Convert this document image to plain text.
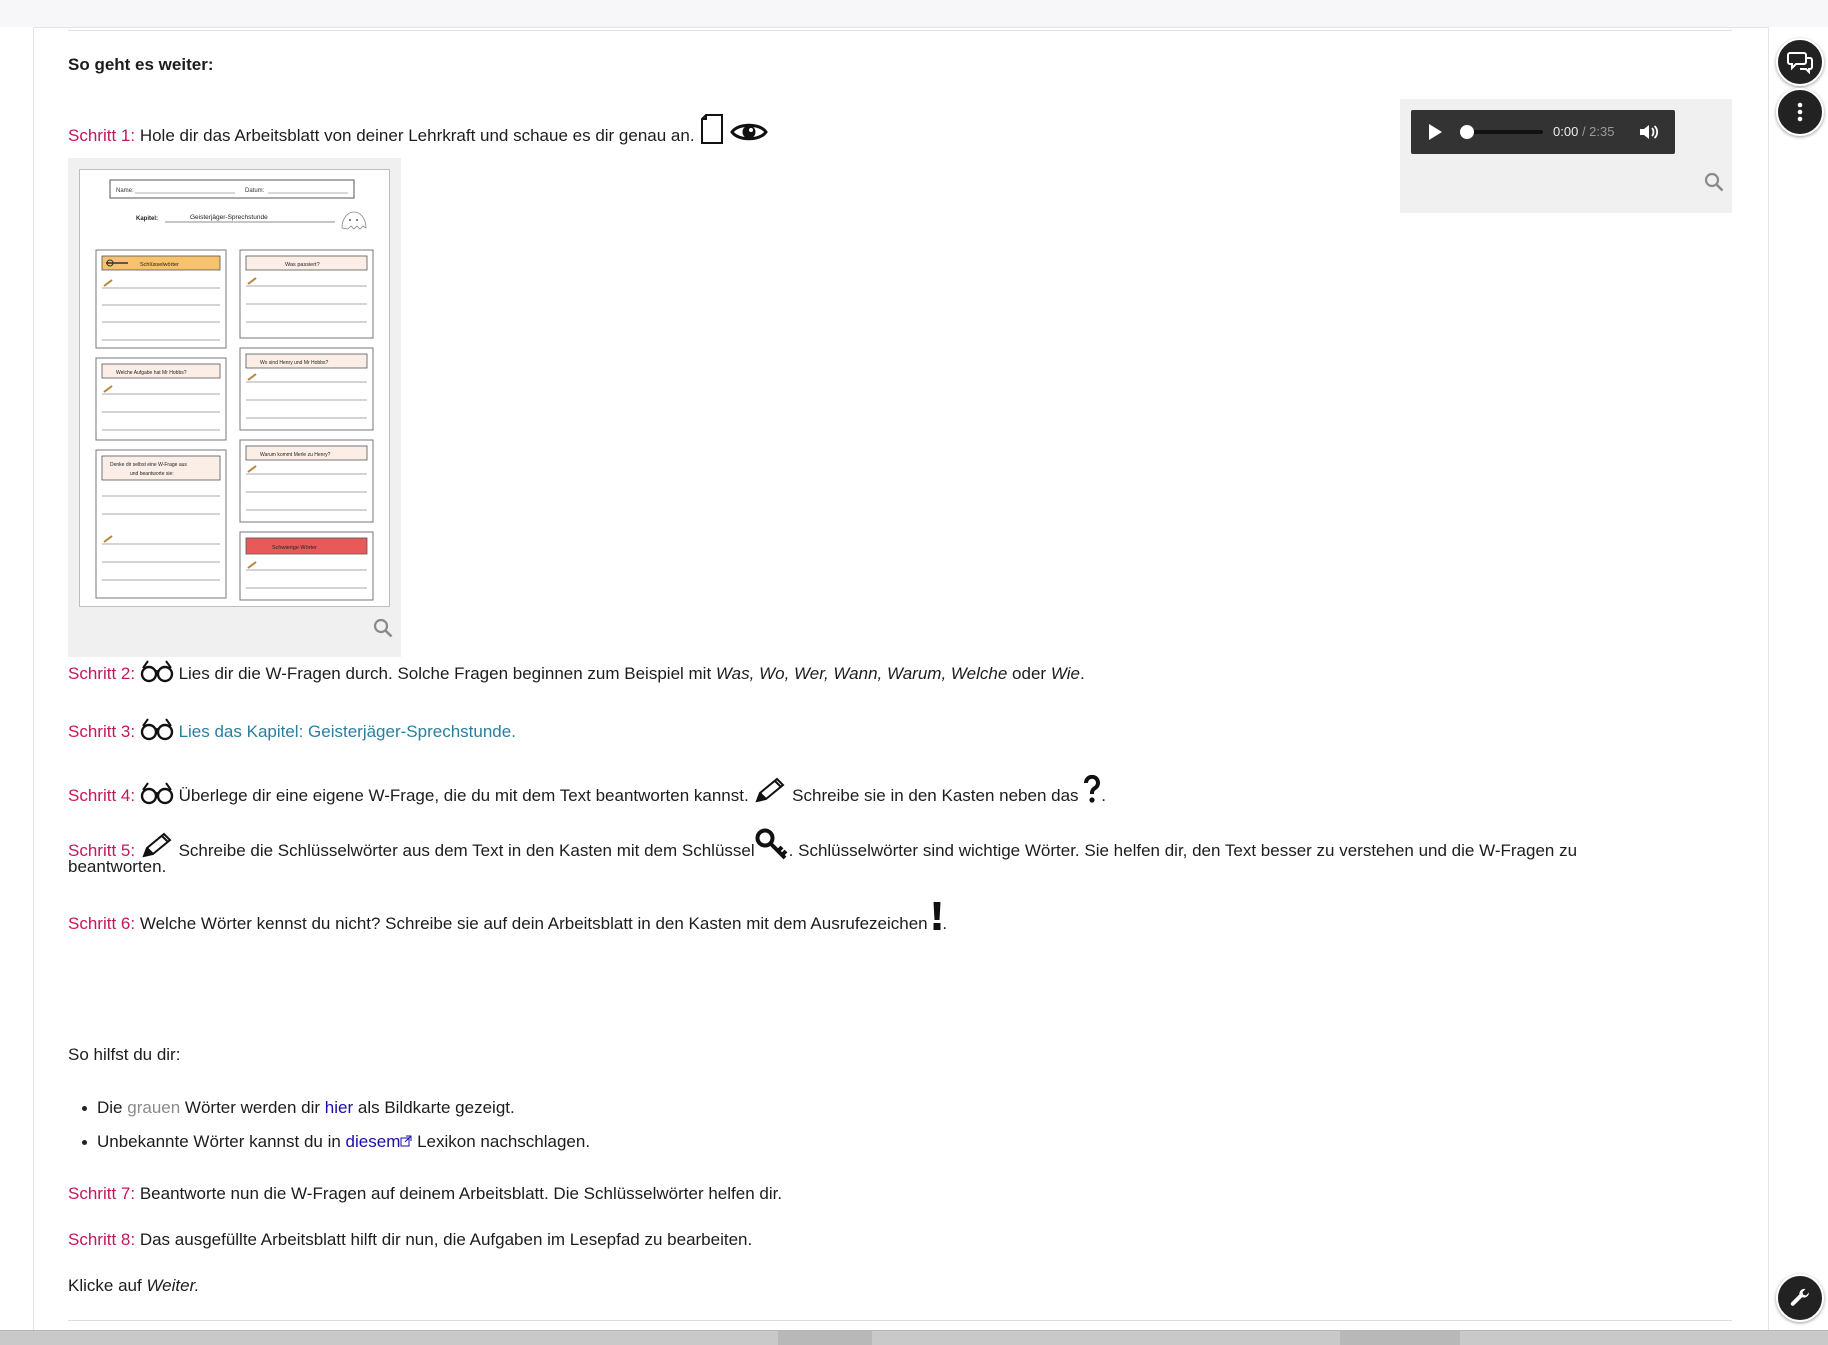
So geht es weiter:
Schritt 1: Hole dir das Arbeitsblatt von deiner Lehrkraft und schaue es dir genau an.
Name:	Datum:
Kapitel:	Geisterjäger-Sprechstunde
Schlüsselwörter	Was passiert?
Wo sind Henry und Mr Hobbs?
Welche Aufgabe hat Mr Hobbs?
Warum kommt Merle zu Henry?
Denke dir selbst eine W-Frage aus
und beantworte sie:
Schwierige Wörter
0:00 / 2:35
Schritt 2:	Lies dir die W-Fragen durch. Solche Fragen beginnen zum Beispiel mit Was, Wo, Wer, Wann, Warum, Welche oder Wie.
Schritt 3:	Lies das Kapitel: Geisterjäger-Sprechstunde.
Schritt 4:	Überlege dir eine eigene W-Frage, die du mit dem Text beantworten kannst.	Schreibe sie in den Kasten neben das .
Schritt 5:	Schreibe die Schlüsselwörter aus dem Text in den Kasten mit dem Schlüssel . Schlüsselwörter sind wichtige Wörter. Sie helfen dir, den Text besser zu verstehen und die W-Fragen zu
beantworten.
Schritt 6: Welche Wörter kennst du nicht? Schreibe sie auf dein Arbeitsblatt in den Kasten mit dem Ausrufezeichen .
So hilfst du dir:
Die grauen Wörter werden dir hier als Bildkarte gezeigt.
Unbekannte Wörter kannst du in diesem Lexikon nachschlagen.
Schritt 7: Beantworte nun die W-Fragen auf deinem Arbeitsblatt. Die Schlüsselwörter helfen dir.
Schritt 8: Das ausgefüllte Arbeitsblatt hilft dir nun, die Aufgaben im Lesepfad zu bearbeiten.
Klicke auf Weiter.
